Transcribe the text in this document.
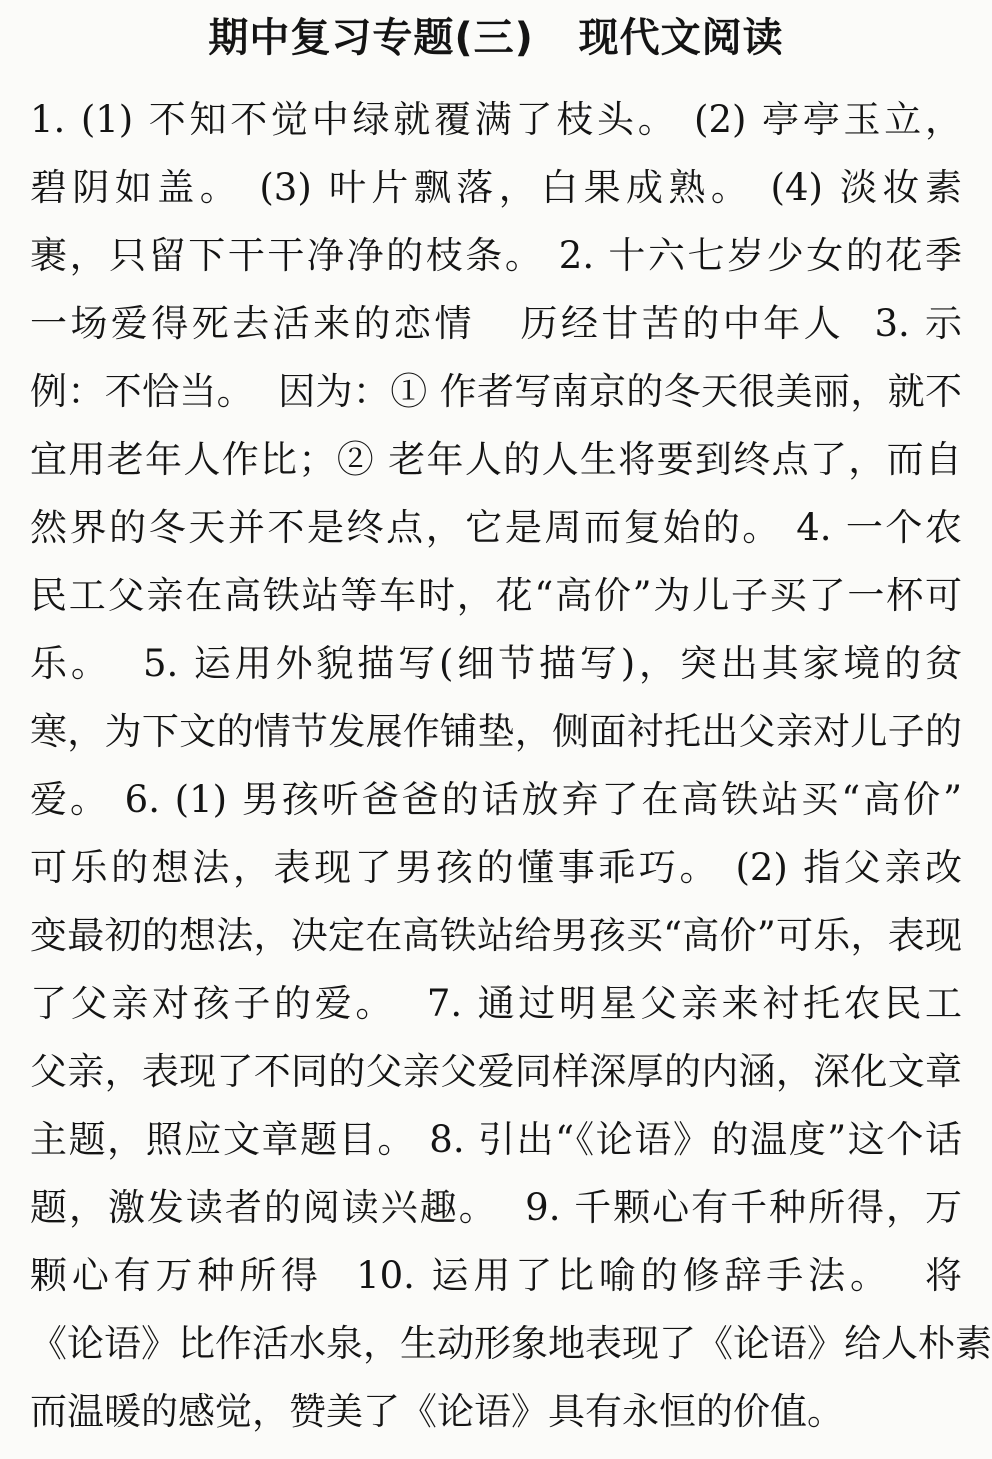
期中复习专题(三)   现代文阅读
1. (1) 不知不觉中绿就覆满了枝头。 (2) 亭亭玉立，
碧阴如盖。 (3) 叶片飘落，白果成熟。 (4) 淡妆素
裹，只留下干干净净的枝条。 2. 十六七岁少女的花季
一场爱得死去活来的恋情   历经甘苦的中年人  3. 示
例：不恰当。  因为：① 作者写南京的冬天很美丽，就不
宜用老年人作比；② 老年人的人生将要到终点了，而自
然界的冬天并不是终点，它是周而复始的。 4. 一个农
民工父亲在高铁站等车时，花“高价”为儿子买了一杯可
乐。  5. 运用外貌描写(细节描写)，突出其家境的贫
寒，为下文的情节发展作铺垫，侧面衬托出父亲对儿子的
爱。 6. (1) 男孩听爸爸的话放弃了在高铁站买“高价”
可乐的想法，表现了男孩的懂事乖巧。 (2) 指父亲改
变最初的想法，决定在高铁站给男孩买“高价”可乐，表现
了父亲对孩子的爱。  7. 通过明星父亲来衬托农民工
父亲，表现了不同的父亲父爱同样深厚的内涵，深化文章
主题，照应文章题目。 8. 引出“《论语》的温度”这个话
题，激发读者的阅读兴趣。  9. 千颗心有千种所得，万
颗心有万种所得  10. 运用了比喻的修辞手法。  将
《论语》比作活水泉，生动形象地表现了《论语》给人朴素
而温暖的感觉，赞美了《论语》具有永恒的价值。
